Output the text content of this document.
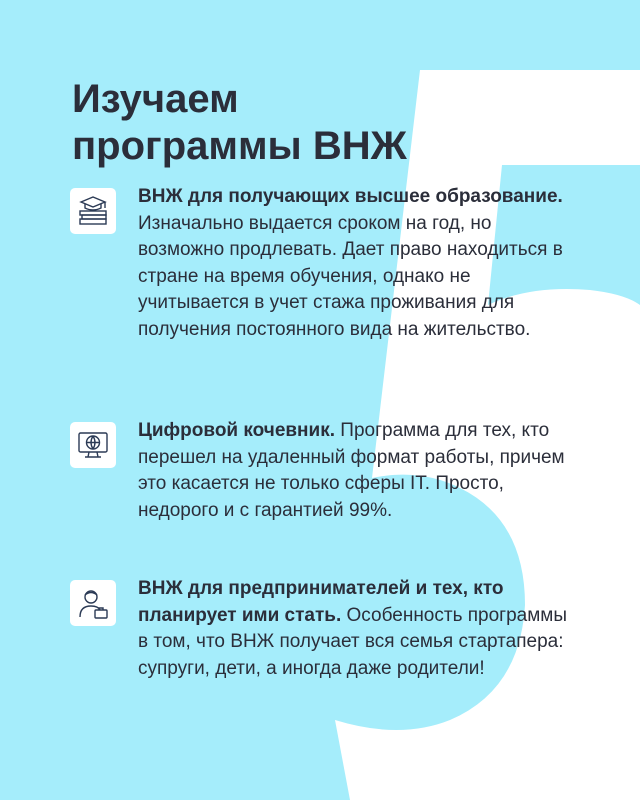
Изучаем
программы ВНЖ
ВНЖ для получающих высшее образование. Изначально выдается сроком на год, но возможно продлевать. Дает право находиться в стране на время обучения, однако не учитывается в учет стажа проживания для получения постоянного вида на жительство.
Цифровой кочевник. Программа для тех, кто перешел на удаленный формат работы, причем это касается не только сферы IT. Просто, недорого и с гарантией 99%.
ВНЖ для предпринимателей и тех, кто планирует ими стать. Особенность программы в том, что ВНЖ получает вся семья стартапера: супруги, дети, а иногда даже родители!
